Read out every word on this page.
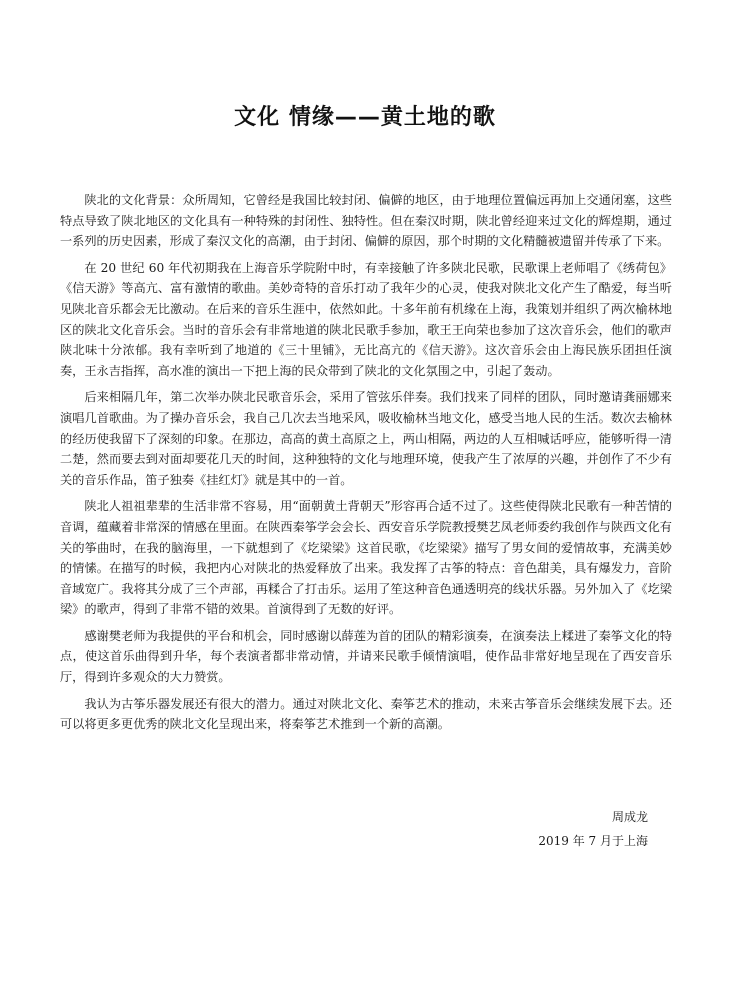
文化 情缘——黄土地的歌

陕北的文化背景：众所周知，它曾经是我国比较封闭、偏僻的地区，由于地理位置偏远再加上交通闭塞，这些特点导致了陕北地区的文化具有一种特殊的封闭性、独特性。但在秦汉时期，陕北曾经迎来过文化的辉煌期，通过一系列的历史因素，形成了秦汉文化的高潮，由于封闭、偏僻的原因，那个时期的文化精髓被遗留并传承了下来。

在 20 世纪 60 年代初期我在上海音乐学院附中时，有幸接触了许多陕北民歌，民歌课上老师唱了《绣荷包》《信天游》等高亢、富有激情的歌曲。美妙奇特的音乐打动了我年少的心灵，使我对陕北文化产生了酷爱，每当听见陕北音乐都会无比激动。在后来的音乐生涯中，依然如此。十多年前有机缘在上海，我策划并组织了两次榆林地区的陕北文化音乐会。当时的音乐会有非常地道的陕北民歌手参加，歌王王向荣也参加了这次音乐会，他们的歌声陕北味十分浓郁。我有幸听到了地道的《三十里铺》，无比高亢的《信天游》。这次音乐会由上海民族乐团担任演奏，王永吉指挥，高水准的演出一下把上海的民众带到了陕北的文化氛围之中，引起了轰动。

后来相隔几年，第二次举办陕北民歌音乐会，采用了管弦乐伴奏。我们找来了同样的团队，同时邀请龚丽娜来演唱几首歌曲。为了操办音乐会，我自己几次去当地采风，吸收榆林当地文化，感受当地人民的生活。数次去榆林的经历使我留下了深刻的印象。在那边，高高的黄土高原之上，两山相隔，两边的人互相喊话呼应，能够听得一清二楚，然而要去到对面却要花几天的时间，这种独特的文化与地理环境，使我产生了浓厚的兴趣，并创作了不少有关的音乐作品，笛子独奏《挂红灯》就是其中的一首。

陕北人祖祖辈辈的生活非常不容易，用“面朝黄土背朝天”形容再合适不过了。这些使得陕北民歌有一种苦情的音调，蕴藏着非常深的情感在里面。在陕西秦筝学会会长、西安音乐学院教授樊艺凤老师委约我创作与陕西文化有关的筝曲时，在我的脑海里，一下就想到了《圪梁梁》这首民歌，《圪梁梁》描写了男女间的爱情故事，充满美妙的情愫。在描写的时候，我把内心对陕北的热爱释放了出来。我发挥了古筝的特点：音色甜美，具有爆发力，音阶音域宽广。我将其分成了三个声部，再糅合了打击乐。运用了笙这种音色通透明亮的线状乐器。另外加入了《圪梁梁》的歌声，得到了非常不错的效果。首演得到了无数的好评。

感谢樊老师为我提供的平台和机会，同时感谢以薛莲为首的团队的精彩演奏，在演奏法上糅进了秦筝文化的特点，使这首乐曲得到升华，每个表演者都非常动情，并请来民歌手倾情演唱，使作品非常好地呈现在了西安音乐厅，得到许多观众的大力赞赏。

我认为古筝乐器发展还有很大的潜力。通过对陕北文化、秦筝艺术的推动，未来古筝音乐会继续发展下去。还可以将更多更优秀的陕北文化呈现出来，将秦筝艺术推到一个新的高潮。

周成龙
2019 年 7 月于上海
